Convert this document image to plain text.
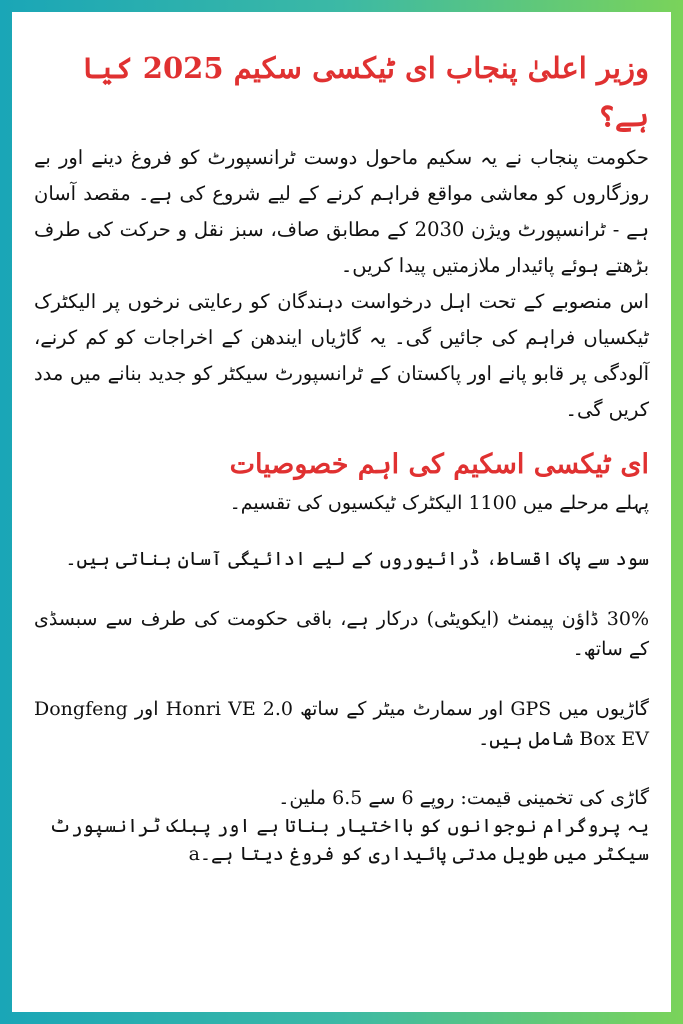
وزیر اعلیٰ پنجاب ای ٹیکسی سکیم 2025 کیا ہے؟

حکومت پنجاب نے یہ سکیم ماحول دوست ٹرانسپورٹ کو فروغ دینے اور بے روزگاروں کو معاشی مواقع فراہم کرنے کے لیے شروع کی ہے۔ مقصد آسان ہے - ٹرانسپورٹ ویژن 2030 کے مطابق صاف، سبز نقل و حرکت کی طرف بڑھتے ہوئے پائیدار ملازمتیں پیدا کریں۔

اس منصوبے کے تحت اہل درخواست دہندگان کو رعایتی نرخوں پر الیکٹرک ٹیکسیاں فراہم کی جائیں گی۔ یہ گاڑیاں ایندھن کے اخراجات کو کم کرنے، آلودگی پر قابو پانے اور پاکستان کے ٹرانسپورٹ سیکٹر کو جدید بنانے میں مدد کریں گی۔

ای ٹیکسی اسکیم کی اہم خصوصیات

پہلے مرحلے میں 1100 الیکٹرک ٹیکسیوں کی تقسیم۔

سود سے پاک اقساط، ڈرائیوروں کے لیے ادائیگی آسان بناتی ہیں۔

30% ڈاؤن پیمنٹ (ایکویٹی) درکار ہے، باقی حکومت کی طرف سے سبسڈی کے ساتھ۔

گاڑیوں میں GPS اور سمارٹ میٹر کے ساتھ Honri VE 2.0 اور Dongfeng Box EV شامل ہیں۔

گاڑی کی تخمینی قیمت: روپے 6 سے 6.5 ملین۔

یہ پروگرام نوجوانوں کو بااختیار بناتا ہے اور پبلک ٹرانسپورٹ سیکٹر میں طویل مدتی پائیداری کو فروغ دیتا ہے۔a
